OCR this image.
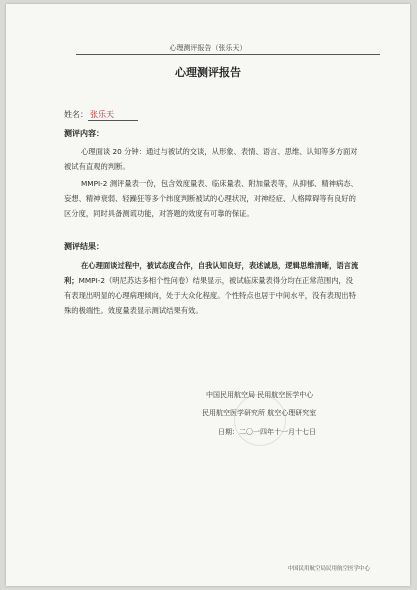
心理测评报告（张乐天）
心理测评报告
姓名： 张乐天
测评内容：

心理面谈 20 分钟：通过与被试的交谈，从形象、表情、语言、思维、认知等多方面对被试有直观的判断。

MMPI-2 测评量表一份，包含效度量表、临床量表、附加量表等，从抑郁、精神病态、妄想、精神衰弱、轻躁狂等多个纬度判断被试的心理状况，对神经症、人格障碍等有良好的区分度，同时具备测谎功能，对答题的效度有可靠的保证。

测评结果：

在心理面谈过程中，被试态度合作，自我认知良好，表述诚恳，逻辑思维清晰，语言流利；MMPI-2（明尼苏达多相个性问卷）结果显示，被试临床量表得分均在正常范围内，没有表现出明显的心理病理倾向，处于大众化程度。个性特点也居于中间水平，没有表现出特殊的极端性。效度量表显示测试结果有效。

中国民用航空局 民用航空医学中心
民用航空医学研究所 航空心理研究室
日期：二〇一四年十一月十七日
中国民用航空局民用航空医学中心
